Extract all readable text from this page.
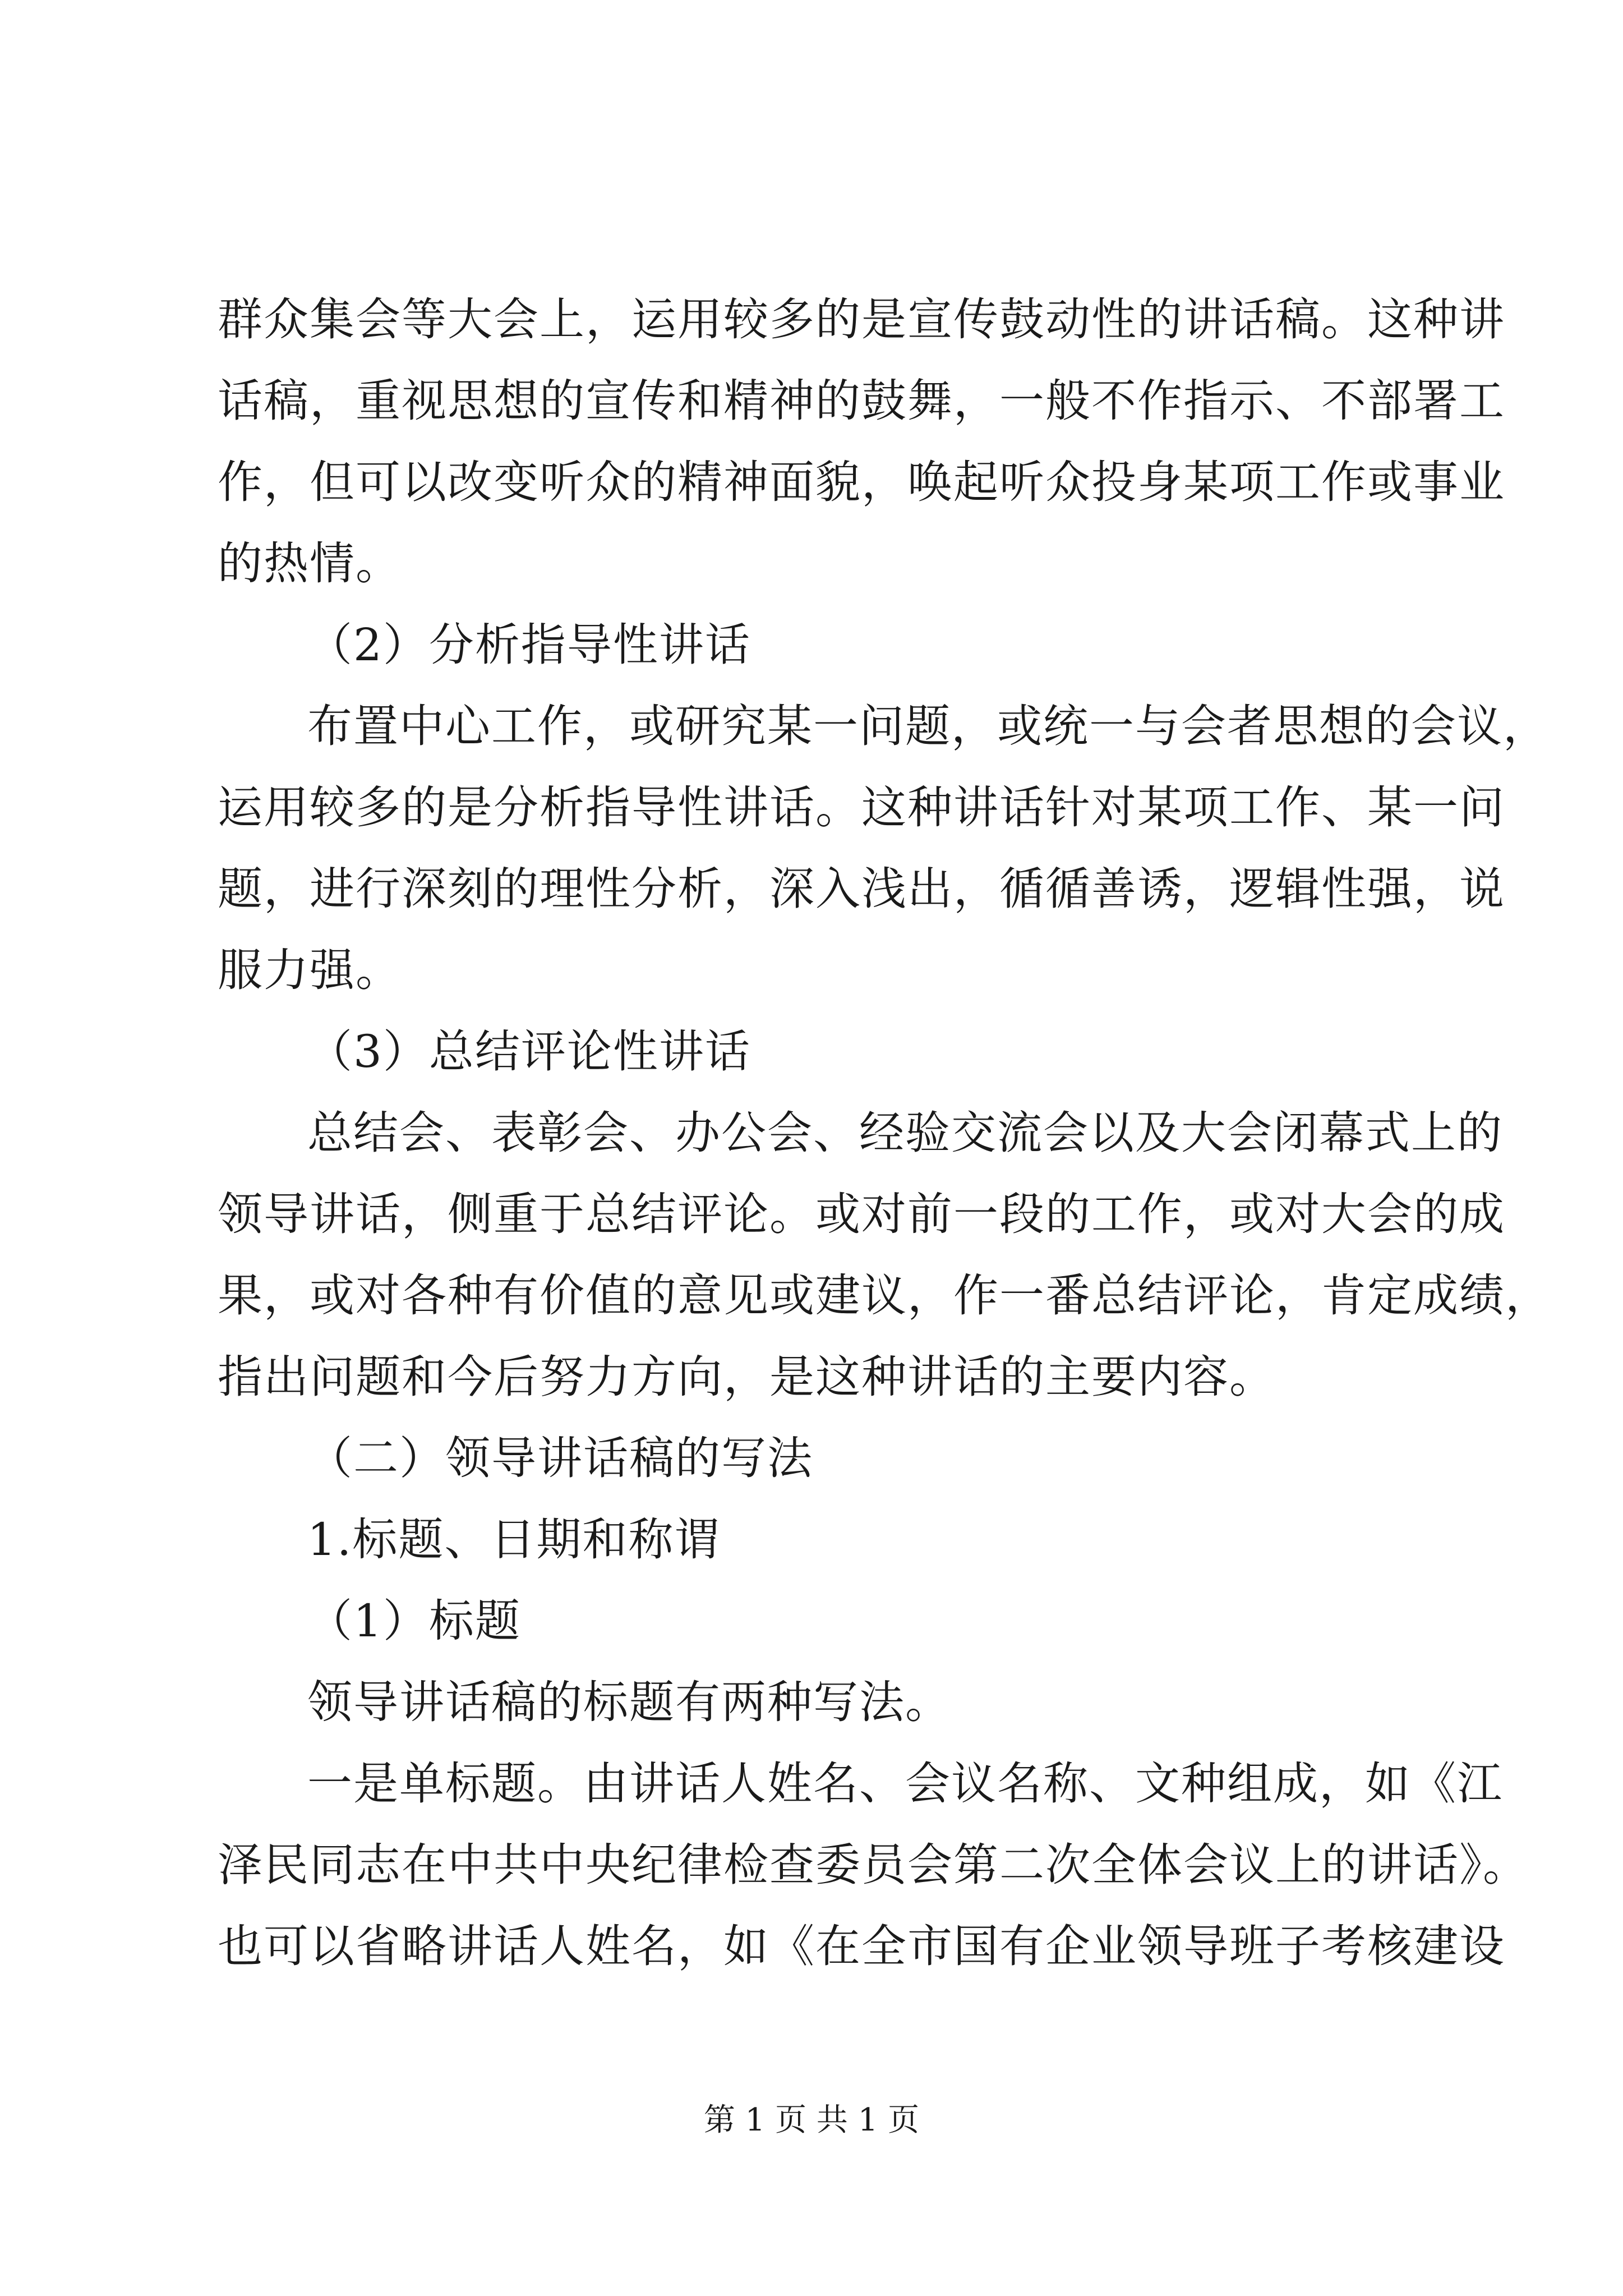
群众集会等大会上，运用较多的是宣传鼓动性的讲话稿。这种讲
话稿，重视思想的宣传和精神的鼓舞，一般不作指示、不部署工
作，但可以改变听众的精神面貌，唤起听众投身某项工作或事业
的热情。
（2）分析指导性讲话
布置中心工作，或研究某一问题，或统一与会者思想的会议，
运用较多的是分析指导性讲话。这种讲话针对某项工作、某一问
题，进行深刻的理性分析，深入浅出，循循善诱，逻辑性强，说
服力强。
（3）总结评论性讲话
总结会、表彰会、办公会、经验交流会以及大会闭幕式上的
领导讲话，侧重于总结评论。或对前一段的工作，或对大会的成
果，或对各种有价值的意见或建议，作一番总结评论，肯定成绩，
指出问题和今后努力方向，是这种讲话的主要内容。
（二）领导讲话稿的写法
1.标题、日期和称谓
（1）标题
领导讲话稿的标题有两种写法。
一是单标题。由讲话人姓名、会议名称、文种组成，如《江
泽民同志在中共中央纪律检查委员会第二次全体会议上的讲话》。
也可以省略讲话人姓名，如《在全市国有企业领导班子考核建设
第 1 页 共 1 页
